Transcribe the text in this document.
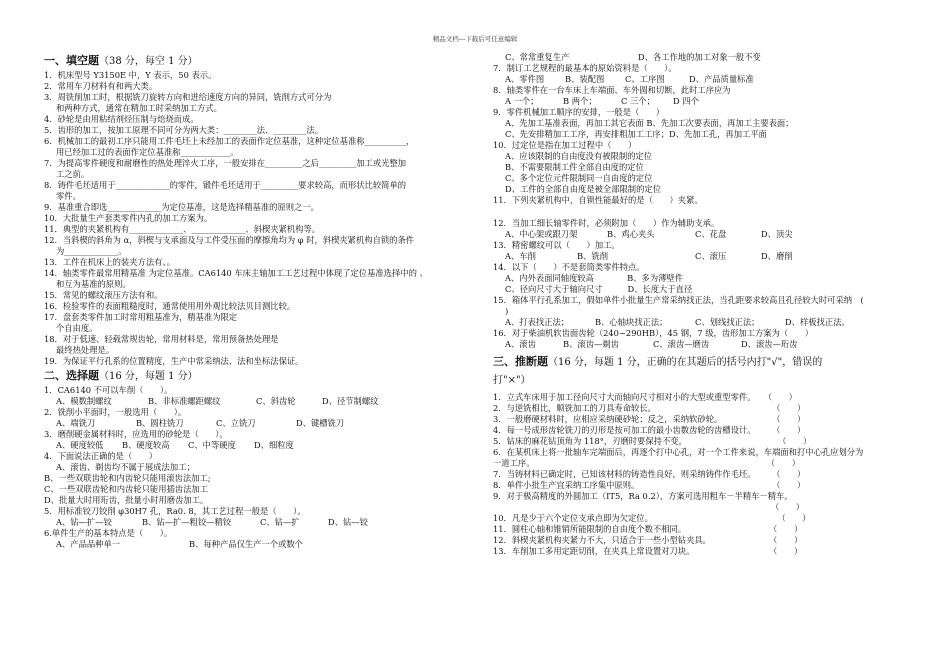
精品文档---下载后可任意编辑
一、填空题（38 分，每空 1 分）
1．机床型号 Y3150E 中，Y 表示，50 表示。
2．常用车刀材料有和两大类。
3．周铣削加工时，根据铣刀旋转方向和进给速度方向的异同，铣削方式可分为
和两种方式，通常在精加工时采纳加工方式。
4．砂轮是由用粘结剂烃压制与焙烧而成。
5．齿形的加工，按加工原理不同可分为两大类：________法、________法。
6．机械加工的最初工序只能用工件毛坯上未经加工的表面作定位基准，这种定位基准称__________，
用已经加工过的表面作定位基准称____________。
7．为提高零件硬度和耐磨性的热处理淬火工序，一般安排在_________之后_________加工或光整加
工之前。
8．铸件毛坯适用于_____________的零件，锻件毛坯适用于_________要求较高，而形状比较简单的
零件。
9．基准重合即选_____________为定位基准，这是选择精基准的原则之一。
10．大批量生产套类零件内孔的加工方案为。
11．典型的夹紧机构有_____________、_____________、斜楔夹紧机构等。
12．当斜楔的斜角为 α，斜楔与支承面及与工件受压面的摩擦角均为 φ 时，斜楔夹紧机构自锁的条件
为_____________。
13．工件在机床上的装夹方法有、。
14．轴类零件最常用精基准 为定位基准。CA6140 车床主轴加工工艺过程中体现了定位基准选择中的 、
和互为基准的原则。
15．常见的螺纹滚压方法有和。
16．检验零件的表面粗糙度时，通常使用用外观比较法贝目测比较。
17．盘套类零件加工时常用粗基准为，精基准为限定
个自由度。
18．对于低速、轻载常规齿轮，常用材料是，常用预备热处理是
最终热处理是。
19．为保证平行孔系的位置精度，生产中常采纳法、法和坐标法保证。
二、选择题（16 分，每题 1 分）
1．CA6140 不可以车削（　　）。
A、模数制螺纹	B、非标准螺距螺纹	C、斜齿轮	D、径节制螺纹
2．铣削小平面时，一般选用（　　）。
A、端铣刀	B、圆柱铣刀	C、立铣刀	D、键槽铣刀
3．磨削硬金属材料时，应选用的砂轮是（　　）。
A、硬度较低 B、硬度较高 C、中等硬度 D、细粒度
4．下面说法正确的是（　　）
A、滚齿、剃齿均不属于展成法加工；
B、一些双联齿轮和内齿轮只能用滚齿法加工;
C、一些双联齿轮和内齿轮只能用插齿法加工
D、批量大时用珩齿，批量小时用磨齿加工。
5．用标准铰刀铰削 φ30H7 孔，Ra0. 8，其工艺过程一般是（　　）。
A、钻—扩—铰	B、钻—扩—粗铰—精铰	C、钻—扩	D、钻—铰
6.单件生产的基本特点是（　　）。
A、产品品种单一	B、每种产品仅生产一个或数个
C、常常重复生产	D、各工作地的加工对象一般不变
7．制订工艺规程的最基本的原始资料是（　　）。
A、零件图	B、装配图 C、工序图	D、产品质量标准
8．轴类零件在一台车床上车端面、车外圆和切断，此时工序应为
A 一个；	B 两个；	C 三个； D 四个
9．零件机械加工顺序的安排，一般是（　　）
A、先加工基准表面，再加工其它表面 B、先加工次要表面，再加工主要表面；
C、先安排精加工工序，再安排粗加工工序；D、先加工孔，再加工平面
10．过定位是指在加工过程中（　　）
A、应该限制的自由度没有被限制的定位
B、不需要限制工件全部自由度的定位
C、多个定位元件限制同一自由度的定位
D、工件的全部自由度是被全部限制的定位
11．下列夹紧机构中，自锁性能最好的是（　　）夹紧。
12．当加工细长轴零件时，必须附加（　　）作为辅助支承。
A、中心架或跟刀架	B、鸡心夹头	C、花盘	D、顶尖
13．精密螺纹可以（　　）加工。
A、车削	B、铣削	C、滚压	D、磨削
14．以下（　　）不是套筒类零件特点。
A、内外表面同轴度较高　　　　B、多为薄壁件
C、径向尺寸大于轴向尺寸　　　D、长度大于直径
15．箱体平行孔系加工，假如单件小批量生产常采纳找正法，当孔距要求较高且孔径较大时可采纳　(
)
A、打表找正法；	B、心轴块找正法；	C、划线找正法；	D、样板找正法。
16．对于柴油机软齿面齿轮（240~290HB），45 钢，7 级，齿形加工方案为（　　）
A、滚齿	B、滚齿—剃齿	C、滚齿—磨齿	D、滚齿—珩齿
三、推断题（16 分，每题 1 分，正确的在其题后的括号内打"√"，错误的
打"×"）
1．立式车床用于加工径向尺寸大而轴向尺寸相对小的大型或重型零件。　　（　　）
2．与逆铣相比，顺铣加工的刀具寿命较长。　　　　　　　　　　　　　　　（　　）
3．一般磨硬材料时，应相应采纳硬砂轮；反之，采纳软砂轮。　　　　　　　（　　）
4．每一号成形齿轮铣刀的刃形是按可加工的最小齿数齿轮的齿槽设计。　　　（　　）
5．钻床的麻花钻顶角为 118°，刃磨时要保持不变。　　　　　　　　　　　　（　　）
6．在某机床上将一批轴车完端面后，再逐个打中心孔，对一个工件来说，车端面和打中心孔应划分为
一道工序。　　　　　　　　　　　　　　　　　　　　　　　　　　　　　（　　）
7．当铸材料已确定时，已知该材料的铸造性良好，则采纳铸件作毛坯。　　　（　　）
8．单件小批生产宜采纳工序集中原则。　　　　　　　　　　　　　　　　　（　　）
9．对于极高精度的外圆加工（IT5，Ra 0.2），方案可选用粗车－半精车－精车。
　　　　　　　　　　　　　　　　　　　　　　　　　　　　　　　　　　（　　）
10．凡是少于六个定位支承点即为欠定位。　　　　　　　　　　　　　　　　（　　）
11．圆柱心轴和锥销所能限制的自由度个数不相同。　　　　　　　　　　　（　　）
12．斜楔夹紧机构夹紧力不大，只适合于一些小型钻夹具。　　　　　　　　（　　）
13．车削加工多用定距切削，在夹具上常设置对刀块。　　　　　　　　　　（　　）
